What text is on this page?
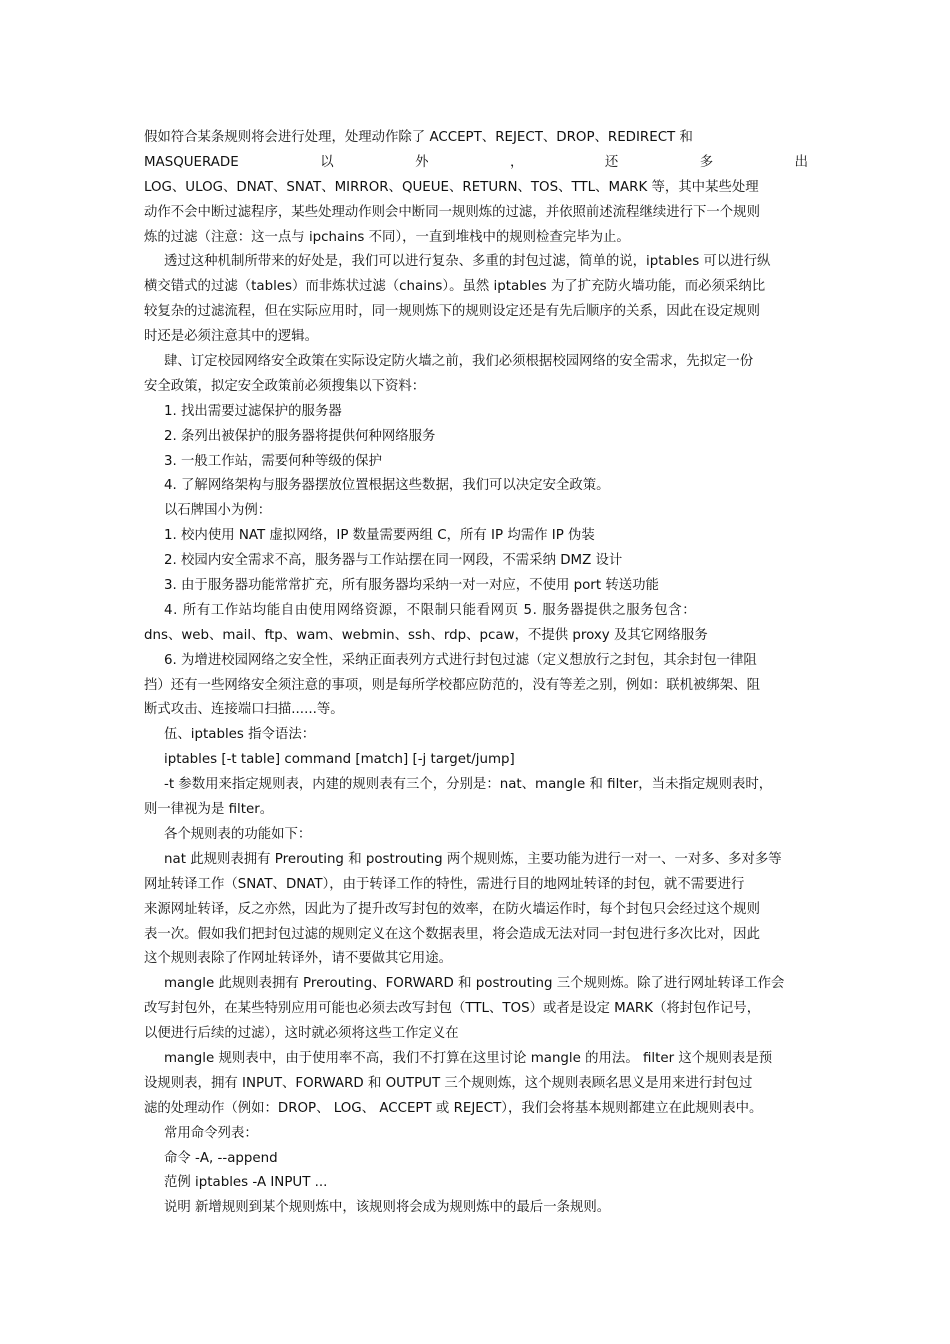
假如符合某条规则将会进行处理，处理动作除了 ACCEPT、REJECT、DROP、REDIRECT 和
MASQUERADE	以	外	，	还	多	出
LOG、ULOG、DNAT、SNAT、MIRROR、QUEUE、RETURN、TOS、TTL、MARK 等，其中某些处理
动作不会中断过滤程序，某些处理动作则会中断同一规则炼的过滤，并依照前述流程继续进行下一个规则
炼的过滤（注意：这一点与 ipchains 不同），一直到堆栈中的规则检查完毕为止。
透过这种机制所带来的好处是，我们可以进行复杂、多重的封包过滤，简单的说，iptables 可以进行纵
横交错式的过滤（tables）而非炼状过滤（chains）。虽然 iptables 为了扩充防火墙功能，而必须采纳比
较复杂的过滤流程，但在实际应用时，同一规则炼下的规则设定还是有先后顺序的关系，因此在设定规则
时还是必须注意其中的逻辑。
肆、订定校园网络安全政策在实际设定防火墙之前，我们必须根据校园网络的安全需求，先拟定一份
安全政策，拟定安全政策前必须搜集以下资料：
1. 找出需要过滤保护的服务器
2. 条列出被保护的服务器将提供何种网络服务
3. 一般工作站，需要何种等级的保护
4. 了解网络架构与服务器摆放位置根据这些数据，我们可以决定安全政策。
以石牌国小为例：
1. 校内使用 NAT 虚拟网络，IP 数量需要两组 C，所有 IP 均需作 IP 伪装
2. 校园内安全需求不高，服务器与工作站摆在同一网段，不需采纳 DMZ 设计
3. 由于服务器功能常常扩充，所有服务器均采纳一对一对应，不使用 port 转送功能
4. 所有工作站均能自由使用网络资源，不限制只能看网页 5. 服务器提供之服务包含：
dns、web、mail、ftp、wam、webmin、ssh、rdp、pcaw，不提供 proxy 及其它网络服务
6. 为增进校园网络之安全性，采纳正面表列方式进行封包过滤（定义想放行之封包，其余封包一律阻
挡）还有一些网络安全须注意的事项，则是每所学校都应防范的，没有等差之别，例如：联机被绑架、阻
断式攻击、连接端口扫描......等。
伍、iptables 指令语法：
iptables [-t table] command [match] [-j target/jump]
-t 参数用来指定规则表，内建的规则表有三个，分别是：nat、mangle 和 filter，当未指定规则表时，
则一律视为是 filter。
各个规则表的功能如下：
nat 此规则表拥有 Prerouting 和 postrouting 两个规则炼，主要功能为进行一对一、一对多、多对多等
网址转译工作（SNAT、DNAT），由于转译工作的特性，需进行目的地网址转译的封包，就不需要进行
来源网址转译，反之亦然，因此为了提升改写封包的效率，在防火墙运作时，每个封包只会经过这个规则
表一次。假如我们把封包过滤的规则定义在这个数据表里，将会造成无法对同一封包进行多次比对，因此
这个规则表除了作网址转译外，请不要做其它用途。
mangle 此规则表拥有 Prerouting、FORWARD 和 postrouting 三个规则炼。除了进行网址转译工作会
改写封包外，在某些特别应用可能也必须去改写封包（TTL、TOS）或者是设定 MARK（将封包作记号，
以便进行后续的过滤），这时就必须将这些工作定义在
mangle 规则表中，由于使用率不高，我们不打算在这里讨论 mangle 的用法。 filter 这个规则表是预
设规则表，拥有 INPUT、FORWARD 和 OUTPUT 三个规则炼，这个规则表顾名思义是用来进行封包过
滤的处理动作（例如：DROP、 LOG、 ACCEPT 或 REJECT），我们会将基本规则都建立在此规则表中。
常用命令列表：
命令 -A, --append
范例 iptables -A INPUT ...
说明 新增规则到某个规则炼中，该规则将会成为规则炼中的最后一条规则。
